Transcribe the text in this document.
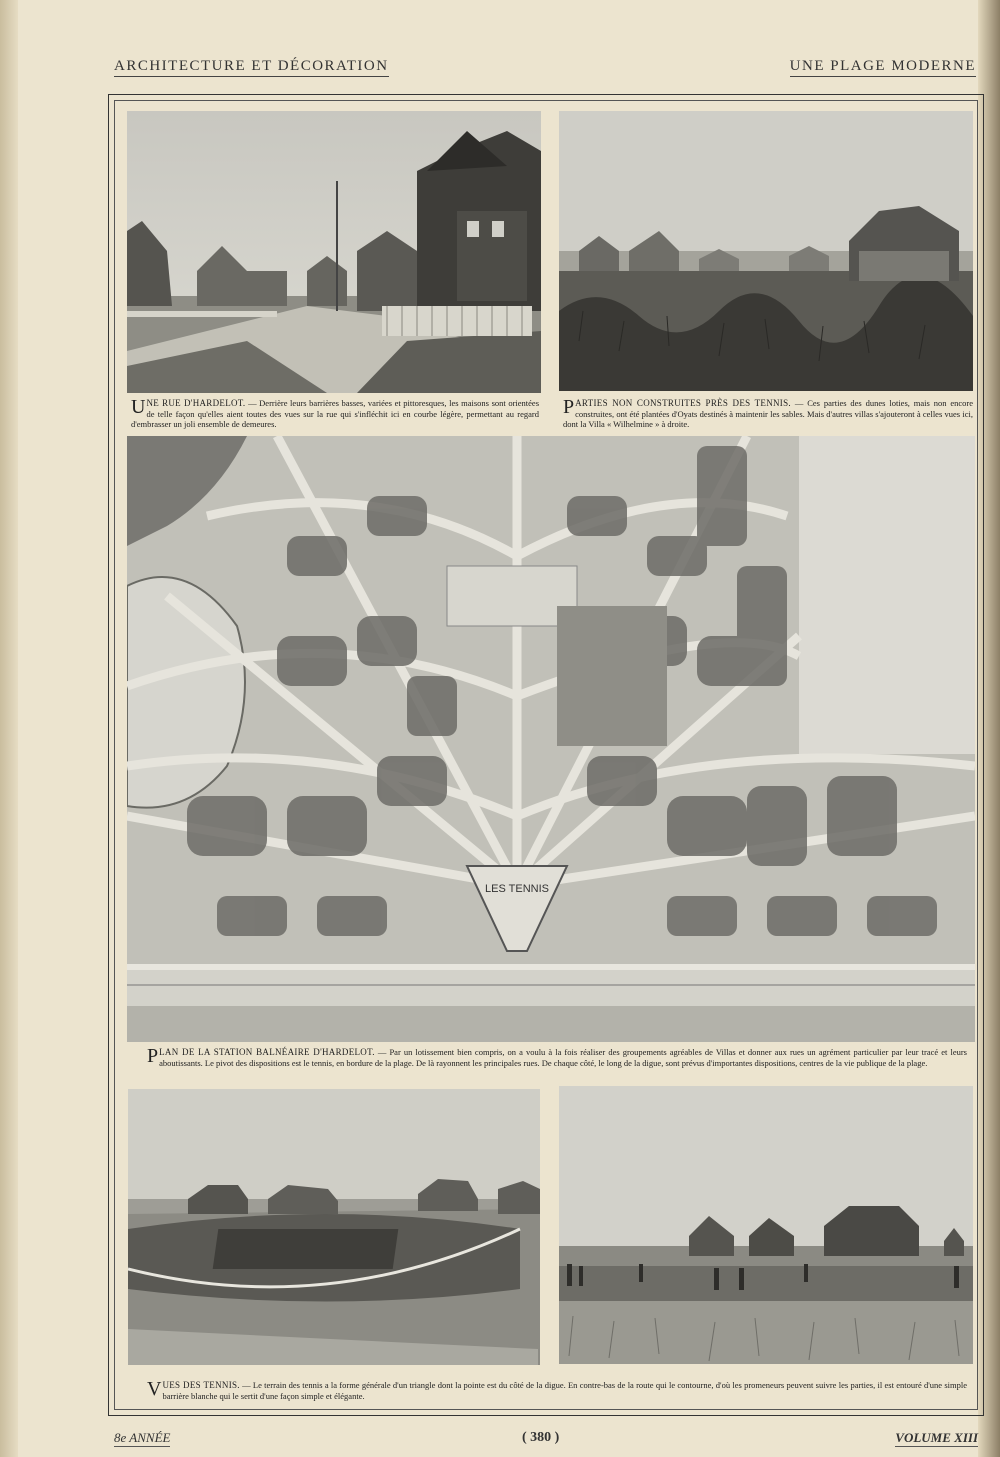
ARCHITECTURE ET DÉCORATION	UNE PLAGE MODERNE
UNE RUE D'HARDELOT. — Derrière leurs barrières basses, variées et pittoresques, les maisons sont orientées de telle façon qu'elles aient toutes des vues sur la rue qui s'infléchit ici en courbe légère, permettant au regard d'embrasser un joli ensemble de demeures.
PARTIES NON CONSTRUITES PRÈS DES TENNIS. — Ces parties des dunes loties, mais non encore construites, ont été plantées d'Oyats destinés à maintenir les sables. Mais d'autres villas s'ajouteront à celles vues ici, dont la Villa « Wilhelmine » à droite.
LES TENNIS
PLAN DE LA STATION BALNÉAIRE D'HARDELOT. — Par un lotissement bien compris, on a voulu à la fois réaliser des groupements agréables de Villas et donner aux rues un agrément particulier par leur tracé et leurs aboutissants. Le pivot des dispositions est le tennis, en bordure de la plage. De là rayonnent les principales rues. De chaque côté, le long de la digue, sont prévus d'importantes dispositions, centres de la vie publique de la plage.
VUES DES TENNIS. — Le terrain des tennis a la forme générale d'un triangle dont la pointe est du côté de la digue. En contre-bas de la route qui le contourne, d'où les promeneurs peuvent suivre les parties, il est entouré d'une simple barrière blanche qui le sertit d'une façon simple et élégante.
8e ANNÉE	( 380 )	VOLUME XIII
